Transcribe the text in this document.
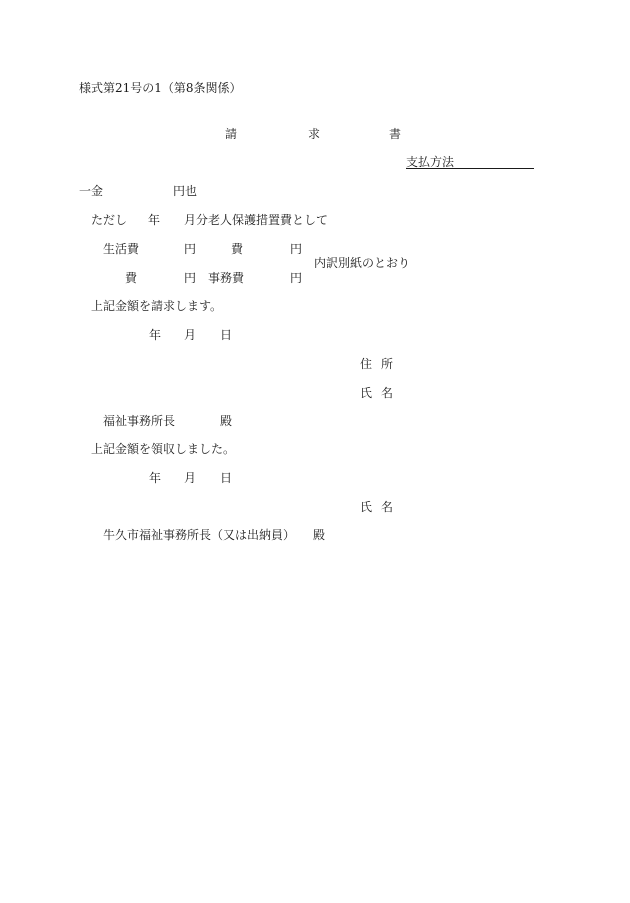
様式第21号の1（第8条関係）
請	求	書
支払方法
一金	円也
ただし 年 月分老人保護措置費として
生活費	円	費	円
内訳別紙のとおり
費	円 事務費	円
上記金額を請求します。
年 月 日
住 所
氏 名
福祉事務所長	殿
上記金額を領収しました。
年 月 日
氏 名
牛久市福祉事務所長（又は出納員） 殿
